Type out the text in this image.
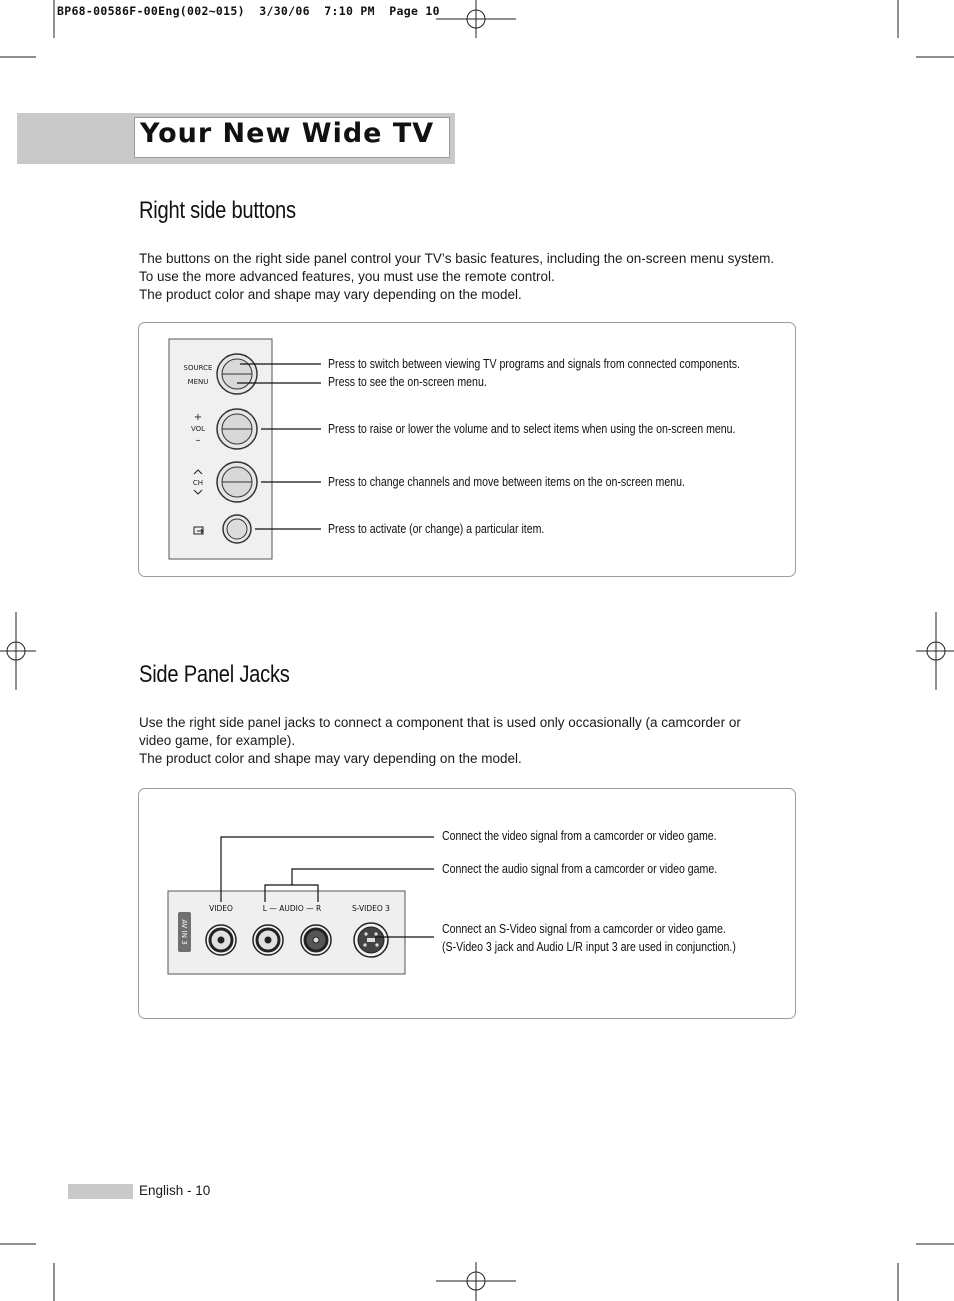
BP68-00586F-00Eng(002~015)  3/30/06  7:10 PM  Page 10
Your New Wide TV
Right side buttons
The buttons on the right side panel control your TV’s basic features, including the on-screen menu system.
To use the more advanced features, you must use the remote control.
The product color and shape may vary depending on the model.
SOURCE
MENU
+
VOL
–
CH
AV IN 3
VIDEO	L — AUDIO — R	S-VIDEO 3
Press to switch between viewing TV programs and signals from connected components.
Press to see the on-screen menu.
Press to raise or lower the volume and to select items when using the on-screen menu.
Press to change channels and move between items on the on-screen menu.
Press to activate (or change) a particular item.
Side Panel Jacks
Use the right side panel jacks to connect a component that is used only occasionally (a camcorder or
video game, for example).
The product color and shape may vary depending on the model.
Connect the video signal from a camcorder or video game.
Connect the audio signal from a camcorder or video game.
Connect an S-Video signal from a camcorder or video game.
(S-Video 3 jack and Audio L/R input 3 are used in conjunction.)
English - 10
